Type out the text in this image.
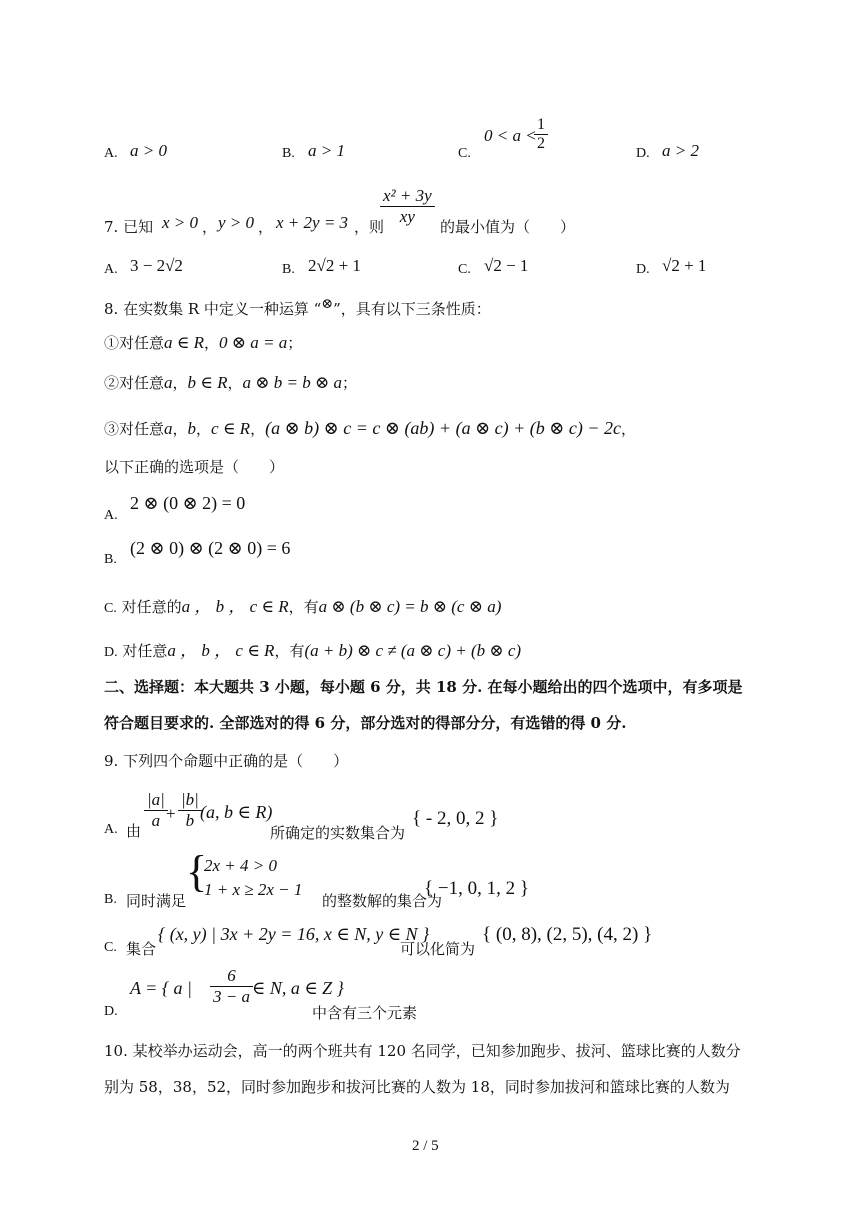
A. a > 0	B. a > 1	C.
0 < a <
$\frac{1}{2}$
D. a > 2
7. 已知 x > 0 ， y > 0 ， x + 2y = 3 ，则
$\frac{\text{x² + 3y}}{xy}$ 的最小值为（　　）
A. 3 − 2√2	B. 2√2 + 1	C. √2 − 1	D. √2 + 1
8. 在实数集 R 中定义一种运算 “⊗”，具有以下三条性质：
①对任意a ∈ R，0 ⊗ a = a；
②对任意a，b ∈ R，a ⊗ b = b ⊗ a；
③对任意a，b，c ∈ R，(a ⊗ b) ⊗ c = c ⊗ (ab) + (a ⊗ c) + (b ⊗ c) − 2c，
以下正确的选项是（　　）
A.
2 ⊗ (0 ⊗ 2) = 0
B.
(2 ⊗ 0) ⊗ (2 ⊗ 0) = 6
C. 对任意的a ， b ， c ∈ R，有a ⊗ (b ⊗ c) = b ⊗ (c ⊗ a)
D. 对任意a ， b ， c ∈ R，有(a + b) ⊗ c ≠ (a ⊗ c) + (b ⊗ c)
二、选择题：本大题共 3 小题，每小题 6 分，共 18 分. 在每小题给出的四个选项中，有多项是
符合题目要求的. 全部选对的得 6 分，部分选对的得部分分，有选错的得 0 分.
9. 下列四个命题中正确的是（　　）
A. 由 $\frac{|a|}{a}$
+ $\frac{|b|}{b}$
(a, b ∈ R)
所确定的实数集合为
{ - 2, 0, 2 }
B. 同时满足
{
2x + 4 > 0
1 + x ≥ 2x − 1
的整数解的集合为
{ −1, 0, 1, 2 }
C. 集合
{ (x, y) | 3x + 2y = 16, x ∈ N, y ∈ N }
可以化简为
{ (0, 8), (2, 5), (4, 2) }
D.
A = { a | $\frac{6}{3 - a}$ ∈ N, a ∈ Z }
中含有三个元素
10. 某校举办运动会，高一的两个班共有 120 名同学，已知参加跑步、拔河、篮球比赛的人数分
别为 58，38，52，同时参加跑步和拔河比赛的人数为 18，同时参加拔河和篮球比赛的人数为
2 / 5
